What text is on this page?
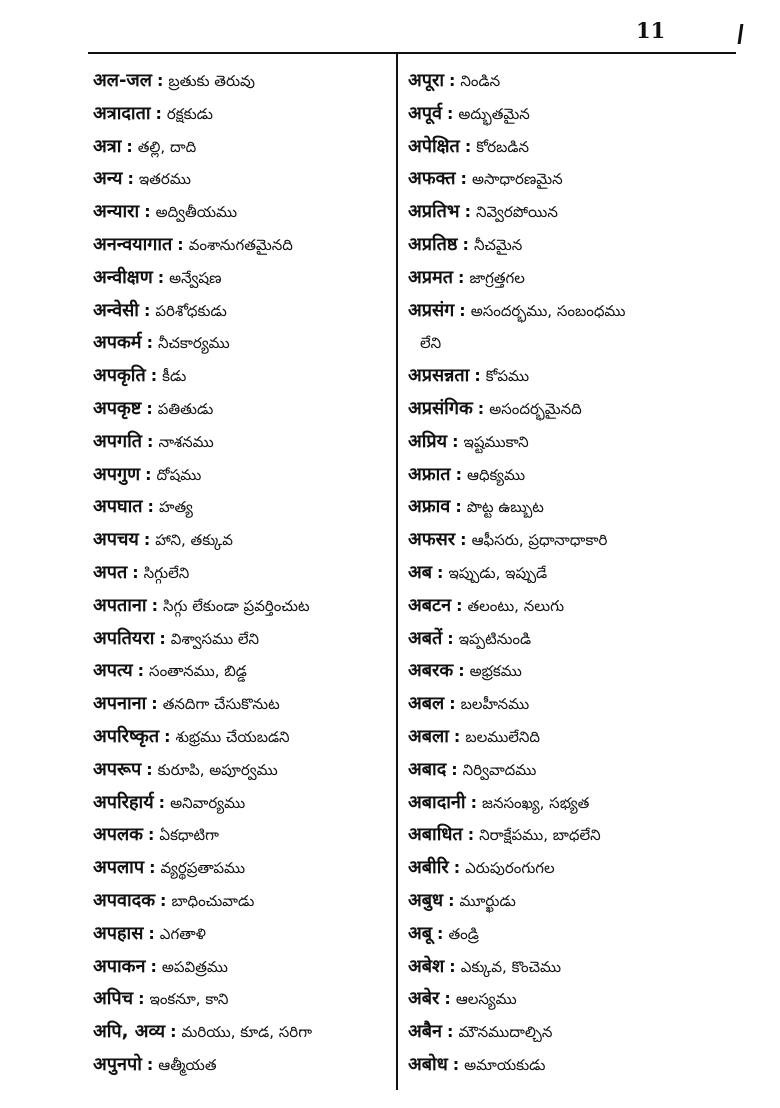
11
अल-जल : బ్రతుకు తెరువు
अत्रादाता : రక్షకుడు
अत्रा : తల్లి, దాది
अन्य : ఇతరము
अन्यारा : అద్వితీయము
अनन्वयागात : వంశానుగతమైనది
अन्वीक्षण : అన్వేషణ
अन्वेसी : పరిశోధకుడు
अपकर्म : నీచకార్యము
अपकृति : కీడు
अपकृष्ट : పతితుడు
अपगति : నాశనము
अपगुण : దోషము
अपघात : హత్య
अपचय : హాని, తక్కువ
अपत : సిగ్గులేని
अपताना : సిగ్గు లేకుండా ప్రవర్తించుట
अपतियरा : విశ్వాసము లేని
अपत्य : సంతానము, బిడ్డ
अपनाना : తనదిగా చేసుకొనుట
अपरिष्कृत : శుభ్రము చేయబడని
अपरूप : కురూపి, అపూర్వము
अपरिहार्य : అనివార్యము
अपलक : ఏకధాటిగా
अपलाप : వ్యర్థప్రతాపము
अपवादक : బాధించువాడు
अपहास : ఎగతాళి
अपाकन : అపవిత్రము
अपिच : ఇంకనూ, కాని
अपि, अव्य : మరియు, కూడ, సరిగా
अपुनपो : ఆత్మీయత
अपूरा : నిండిన
अपूर्व : అద్భుతమైన
अपेक्षित : కోరబడిన
अफक्त : అసాధారణమైన
अप्रतिभ : నివ్వెరపోయిన
अप्रतिष्ठ : నీచమైన
अप्रमत : జాగ్రత్తగల
अप्रसंग : అసందర్భము, సంబంధము
లేని
अप्रसन्नता : కోపము
अप्रसंगिक : అసందర్భమైనది
अप्रिय : ఇష్టముకాని
अफ्रात : ఆధిక్యము
अफ्राव : పొట్ట ఉబ్బుట
अफसर : ఆఫీసరు, ప్రధానాధాకారి
अब : ఇప్పుడు, ఇప్పుడే
अबटन : తలంటు, నలుగు
अबतें : ఇప్పటినుండి
अबरक : అభ్రకము
अबल : బలహీనము
अबला : బలములేనిది
अबाद : నిర్వివాదము
अबादानी : జనసంఖ్య, సభ్యత
अबाधित : నిరాక్షేపము, బాధలేని
अबीरि : ఎరుపురంగుగల
अबुध : మూర్ఖుడు
अबू : తండ్రి
अबेश : ఎక్కువ, కొంచెము
अबेर : ఆలస్యము
अबैन : మౌనముదాల్చిన
अबोध : అమాయకుడు
